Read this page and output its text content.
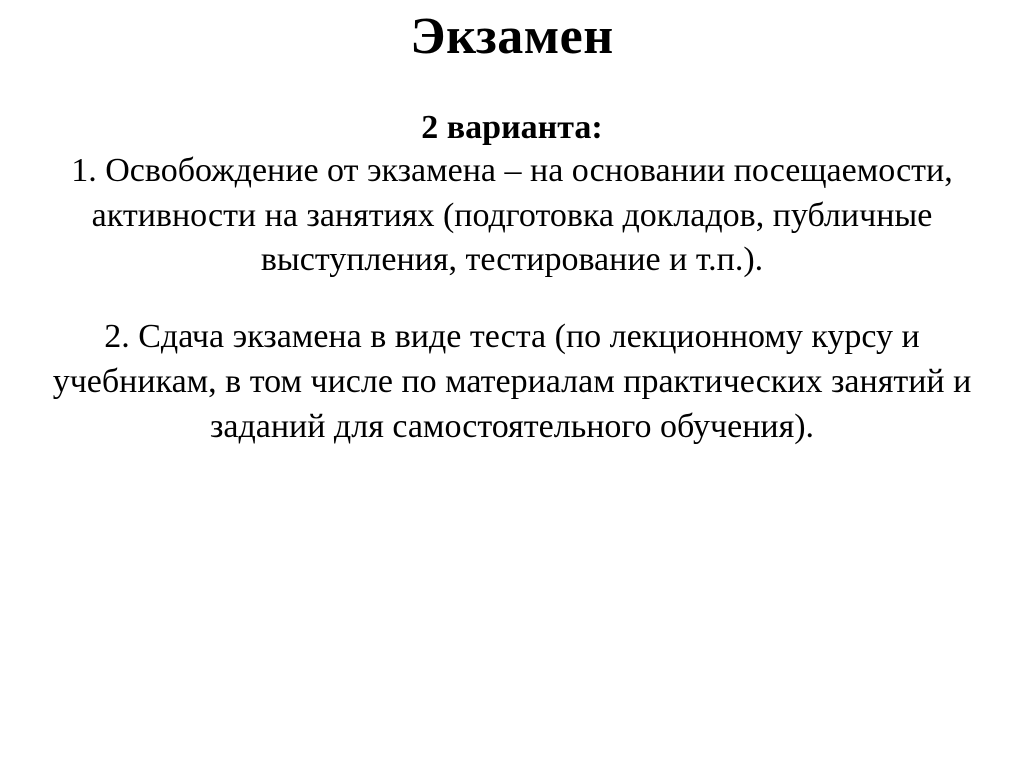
Экзамен

2 варианта:

1. Освобождение от экзамена – на основании посещаемости, активности на занятиях (подготовка докладов, публичные выступления, тестирование и т.п.).

2. Сдача экзамена в виде теста (по лекционному курсу и учебникам, в том числе по материалам практических занятий и заданий для самостоятельного обучения).
